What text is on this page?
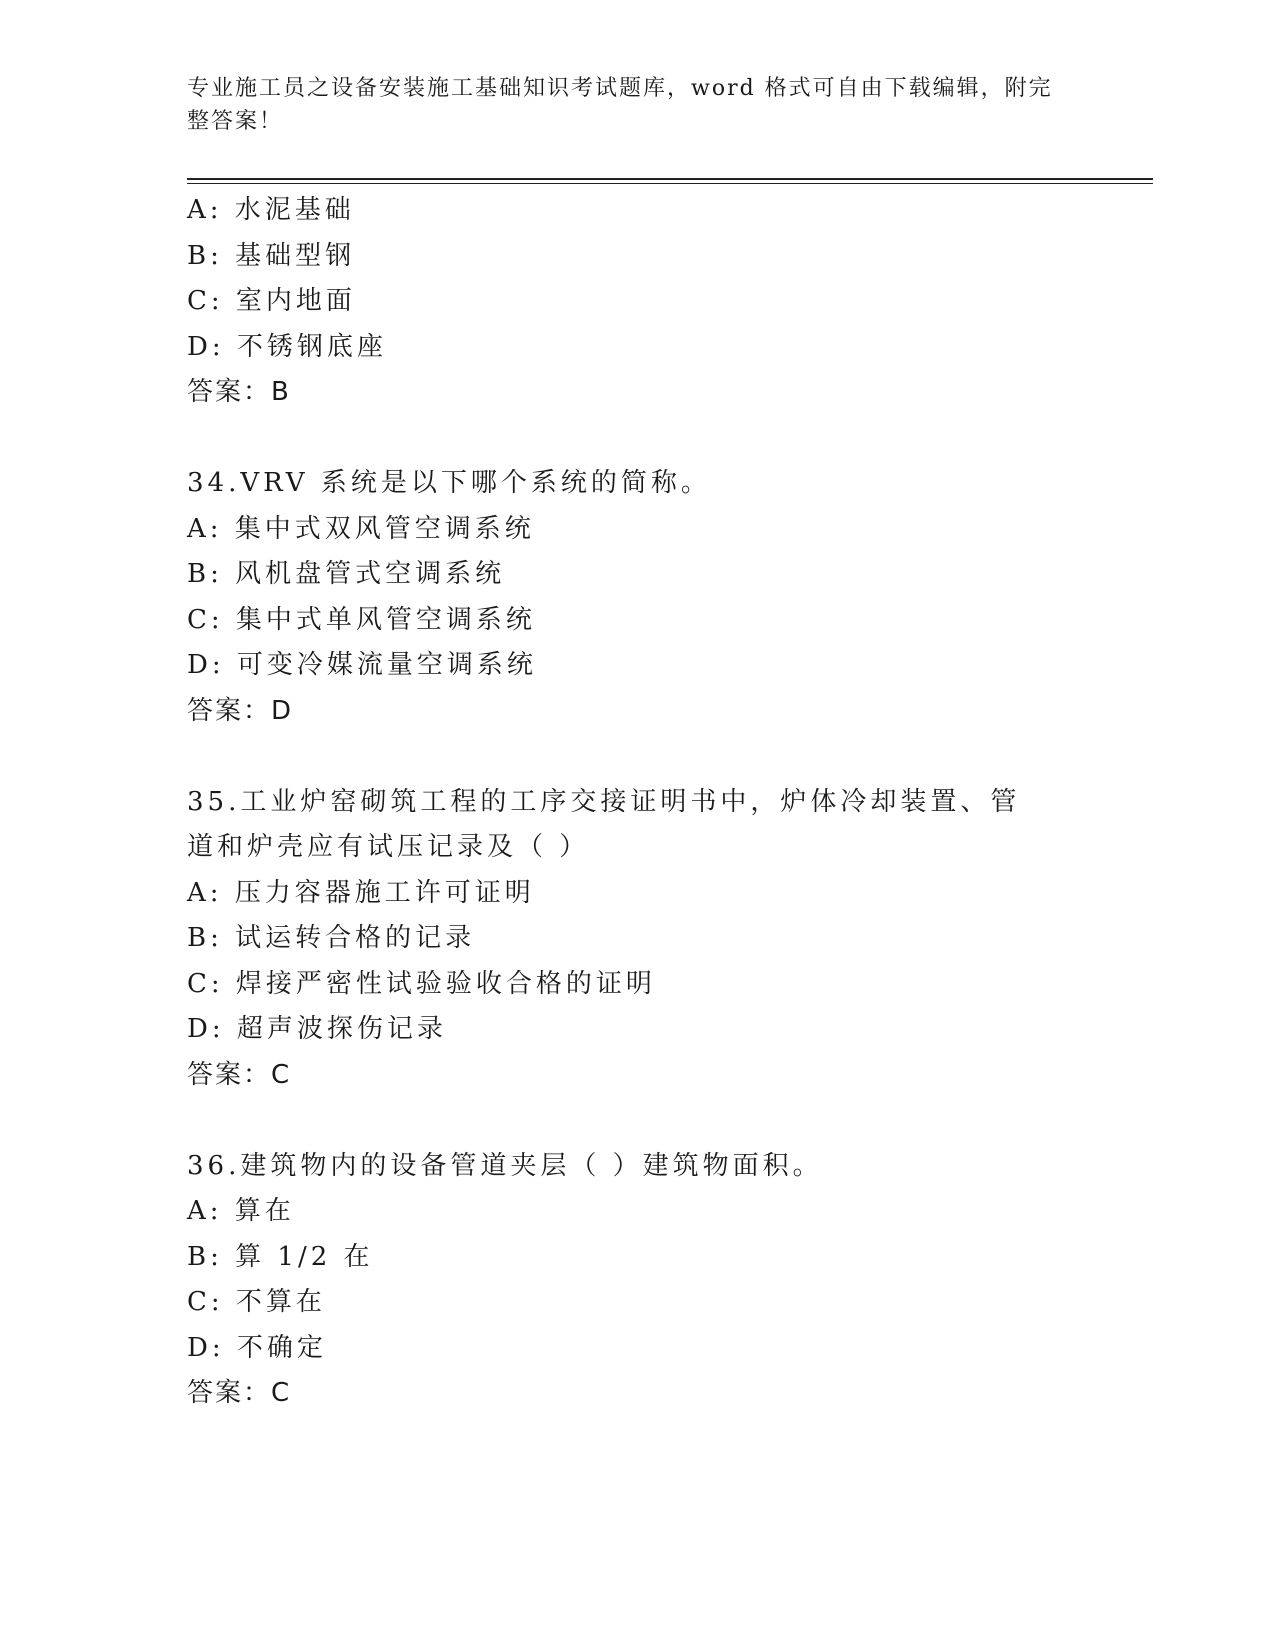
专业施工员之设备安装施工基础知识考试题库，word 格式可自由下载编辑，附完整答案！
A: 水泥基础
B: 基础型钢
C: 室内地面
D: 不锈钢底座
答案：B
34.VRV 系统是以下哪个系统的简称。
A: 集中式双风管空调系统
B: 风机盘管式空调系统
C: 集中式单风管空调系统
D: 可变冷媒流量空调系统
答案：D
35.工业炉窑砌筑工程的工序交接证明书中，炉体冷却装置、管道和炉壳应有试压记录及（ ）
A: 压力容器施工许可证明
B: 试运转合格的记录
C: 焊接严密性试验验收合格的证明
D: 超声波探伤记录
答案：C
36.建筑物内的设备管道夹层（ ）建筑物面积。
A: 算在
B: 算 1/2 在
C: 不算在
D: 不确定
答案：C
